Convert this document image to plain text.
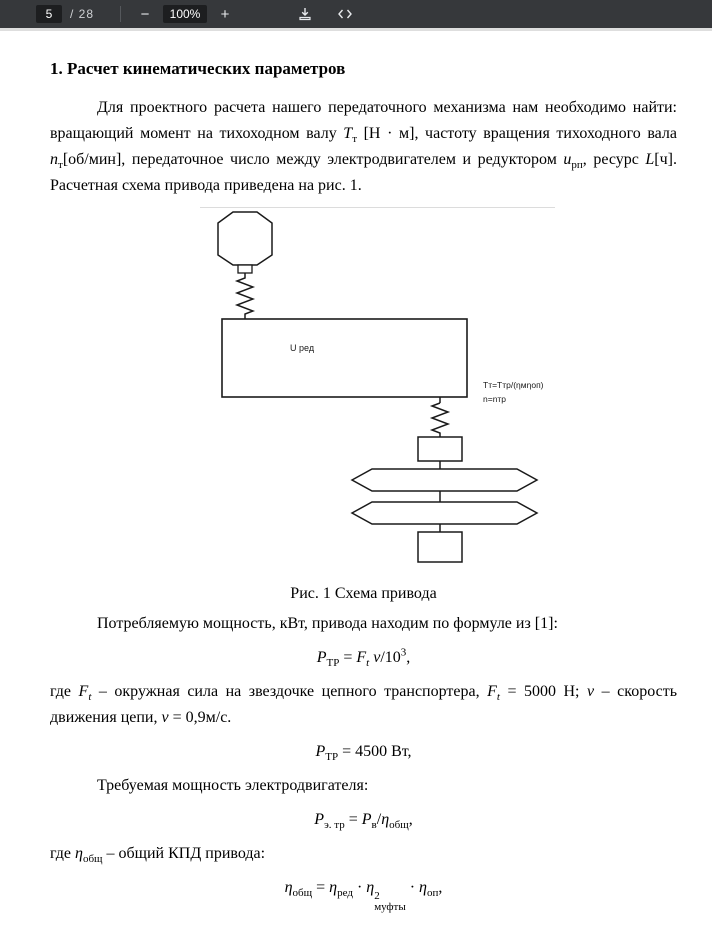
5	/ 28	−	100%	+
1. Расчет кинематических параметров

Для проектного расчета нашего передаточного механизма нам необходимо найти: вращающий момент на тихоходном валу $T_т$ [Н · м], частоту вращения тихоходного вала $n_т[об/мин]$, передаточное число между электродвигателем и редуктором $u_{рп}$, ресурс L[ч]. Расчетная схема привода приведена на рис. 1.

U ред
Tт=Tтр/(ηмηоп)
n=nтр
Рис. 1 Схема привода

Потребляемую мощность, кВт, привода находим по формуле из [1]:

$P_{ТР} = F_t$ $v/10^3$,

где $F_t$ – окружная сила на звездочке цепного транспортера, $F_t = 5000$ Н; v – скорость движения цепи, v = 0,9м/с.

$P_{ТР} = 4500$ Вт,

Требуемая мощность электродвигателя:

$P_{э. тр} = P_в/\eta_{общ}$,

где $\eta_{общ}$ – общий КПД привода:

$\eta_{общ} = \eta_{ред} \cdot \eta$
2
муфты
· $\eta_{оп}$,
